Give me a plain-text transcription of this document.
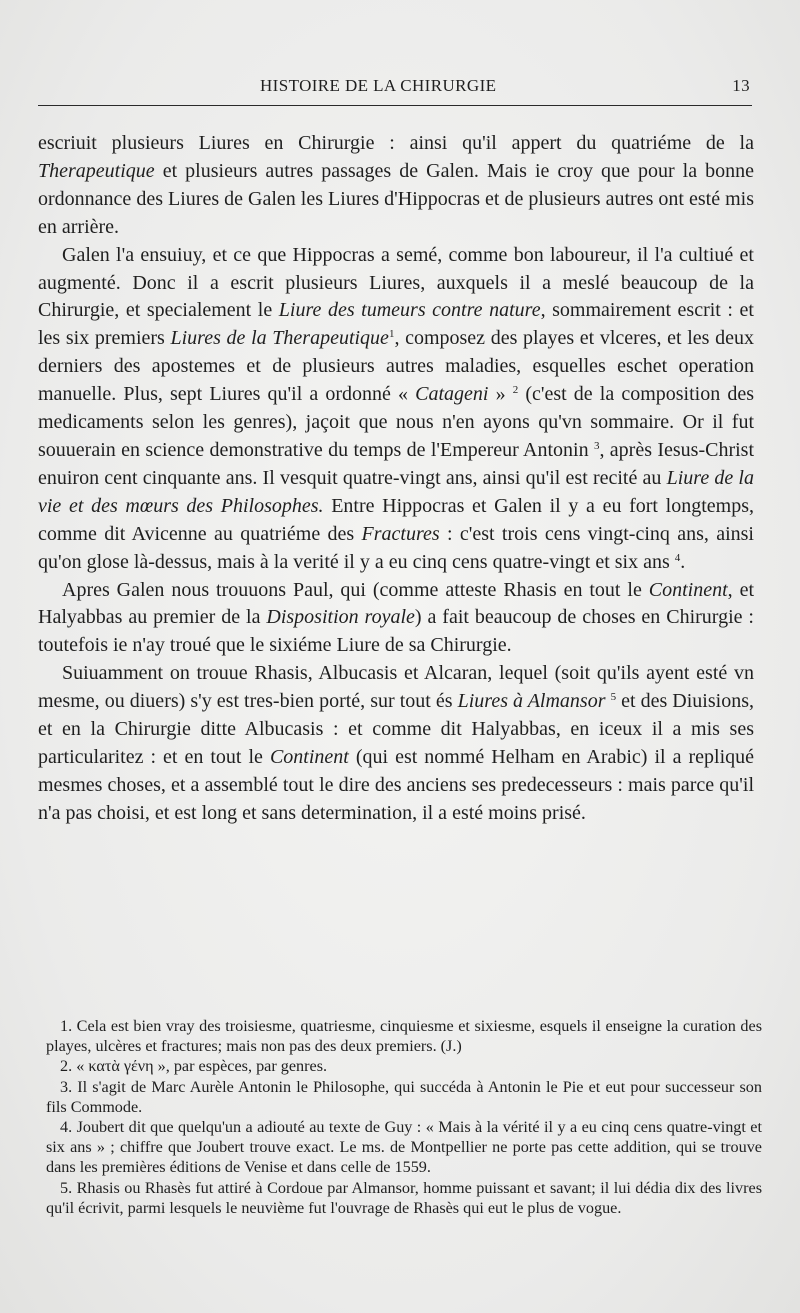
HISTOIRE DE LA CHIRURGIE	13

escriuit plusieurs Liures en Chirurgie : ainsi qu'il appert du quatriéme de la Therapeutique et plusieurs autres passages de Galen. Mais ie croy que pour la bonne ordonnance des Liures de Galen les Liures d'Hippocras et de plusieurs autres ont esté mis en arrière.

Galen l'a ensuiuy, et ce que Hippocras a semé, comme bon laboureur, il l'a cultiué et augmenté. Donc il a escrit plusieurs Liures, auxquels il a meslé beaucoup de la Chirurgie, et specialement le Liure des tumeurs contre nature, sommairement escrit : et les six premiers Liures de la Therapeutique$^1$, composez des playes et vlceres, et les deux derniers des apostemes et de plusieurs autres maladies, esquelles eschet operation manuelle. Plus, sept Liures qu'il a ordonné « Catageni » $^2$ (c'est de la composition des medicaments selon les genres), jaçoit que nous n'en ayons qu'vn sommaire. Or il fut souuerain en science demonstrative du temps de l'Empereur Antonin $^3$, après Iesus-Christ enuiron cent cinquante ans. Il vesquit quatre-vingt ans, ainsi qu'il est recité au Liure de la vie et des mœurs des Philosophes. Entre Hippocras et Galen il y a eu fort longtemps, comme dit Avicenne au quatriéme des Fractures : c'est trois cens vingt-cinq ans, ainsi qu'on glose là-dessus, mais à la verité il y a eu cinq cens quatre-vingt et six ans $^4$.

Apres Galen nous trouuons Paul, qui (comme atteste Rhasis en tout le Continent, et Halyabbas au premier de la Disposition royale) a fait beaucoup de choses en Chirurgie : toutefois ie n'ay troué que le sixiéme Liure de sa Chirurgie.

Suiuamment on trouue Rhasis, Albucasis et Alcaran, lequel (soit qu'ils ayent esté vn mesme, ou diuers) s'y est tres-bien porté, sur tout és Liures à Almansor $^5$ et des Diuisions, et en la Chirurgie ditte Albucasis : et comme dit Halyabbas, en iceux il a mis ses particularitez : et en tout le Continent (qui est nommé Helham en Arabic) il a repliqué mesmes choses, et a assemblé tout le dire des anciens ses predecesseurs : mais parce qu'il n'a pas choisi, et est long et sans determination, il a esté moins prisé.

1. Cela est bien vray des troisiesme, quatriesme, cinquiesme et sixiesme, esquels il enseigne la curation des playes, ulcères et fractures; mais non pas des deux premiers. (J.)

2. « κατὰ γένη », par espèces, par genres.

3. Il s'agit de Marc Aurèle Antonin le Philosophe, qui succéda à Antonin le Pie et eut pour successeur son fils Commode.

4. Joubert dit que quelqu'un a adiouté au texte de Guy : « Mais à la vérité il y a eu cinq cens quatre-vingt et six ans » ; chiffre que Joubert trouve exact. Le ms. de Montpellier ne porte pas cette addition, qui se trouve dans les premières éditions de Venise et dans celle de 1559.

5. Rhasis ou Rhasès fut attiré à Cordoue par Almansor, homme puissant et savant; il lui dédia dix des livres qu'il écrivit, parmi lesquels le neuvième fut l'ouvrage de Rhasès qui eut le plus de vogue.
